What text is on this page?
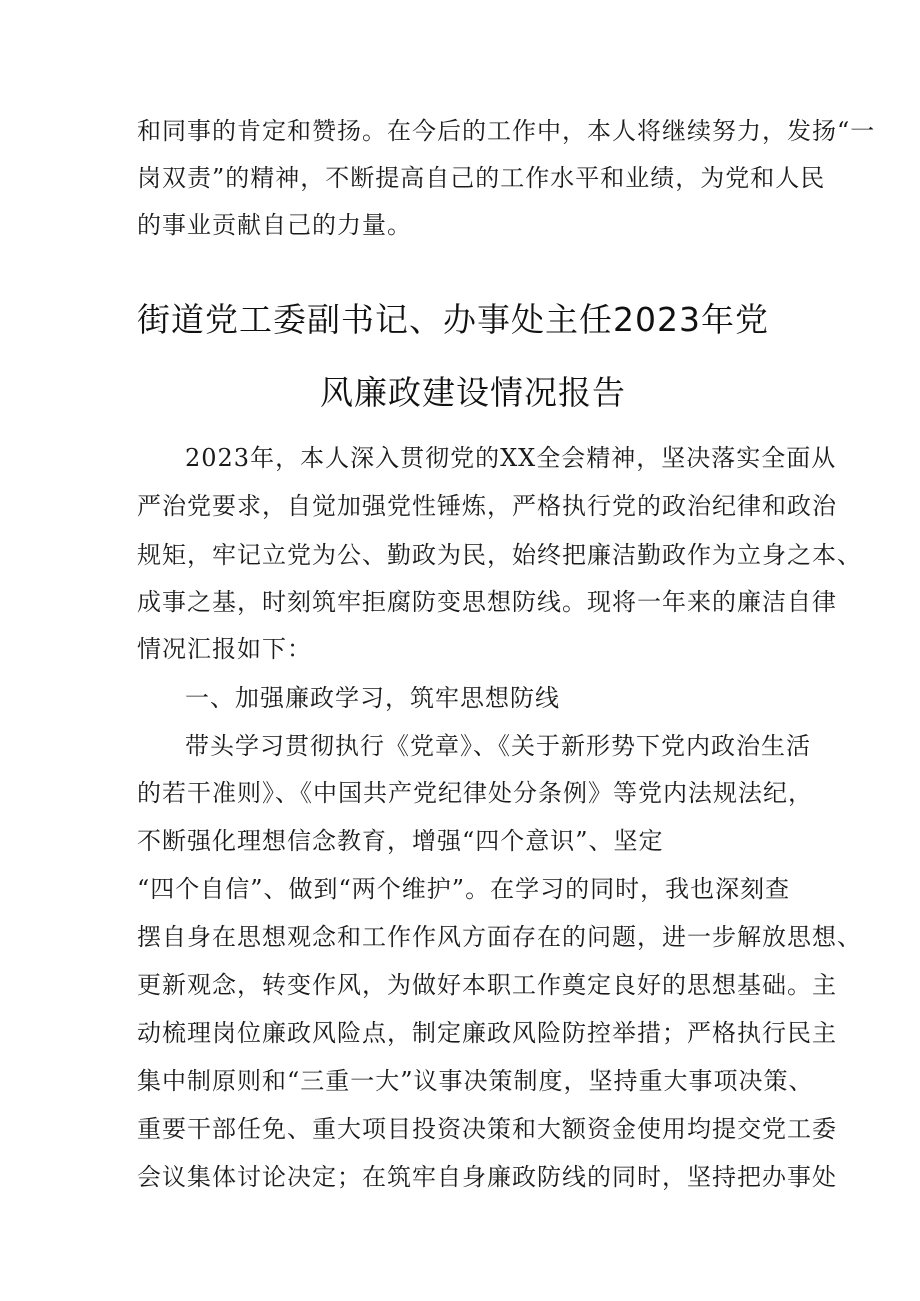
和同事的肯定和赞扬。在今后的工作中，本人将继续努力，发扬“一
岗双责”的精神，不断提高自己的工作水平和业绩，为党和人民
的事业贡献自己的力量。
街道党工委副书记、办事处主任2023年党
风廉政建设情况报告
2023年，本人深入贯彻党的XX全会精神，坚决落实全面从
严治党要求，自觉加强党性锤炼，严格执行党的政治纪律和政治
规矩，牢记立党为公、勤政为民，始终把廉洁勤政作为立身之本、
成事之基，时刻筑牢拒腐防变思想防线。现将一年来的廉洁自律
情况汇报如下：
一、加强廉政学习，筑牢思想防线
带头学习贯彻执行《党章》、《关于新形势下党内政治生活
的若干准则》、《中国共产党纪律处分条例》等党内法规法纪，
不断强化理想信念教育，增强“四个意识”、坚定
“四个自信”、做到“两个维护”。在学习的同时，我也深刻查
摆自身在思想观念和工作作风方面存在的问题，进一步解放思想、
更新观念，转变作风，为做好本职工作奠定良好的思想基础。主
动梳理岗位廉政风险点，制定廉政风险防控举措；严格执行民主
集中制原则和“三重一大”议事决策制度，坚持重大事项决策、
重要干部任免、重大项目投资决策和大额资金使用均提交党工委
会议集体讨论决定；在筑牢自身廉政防线的同时，坚持把办事处
